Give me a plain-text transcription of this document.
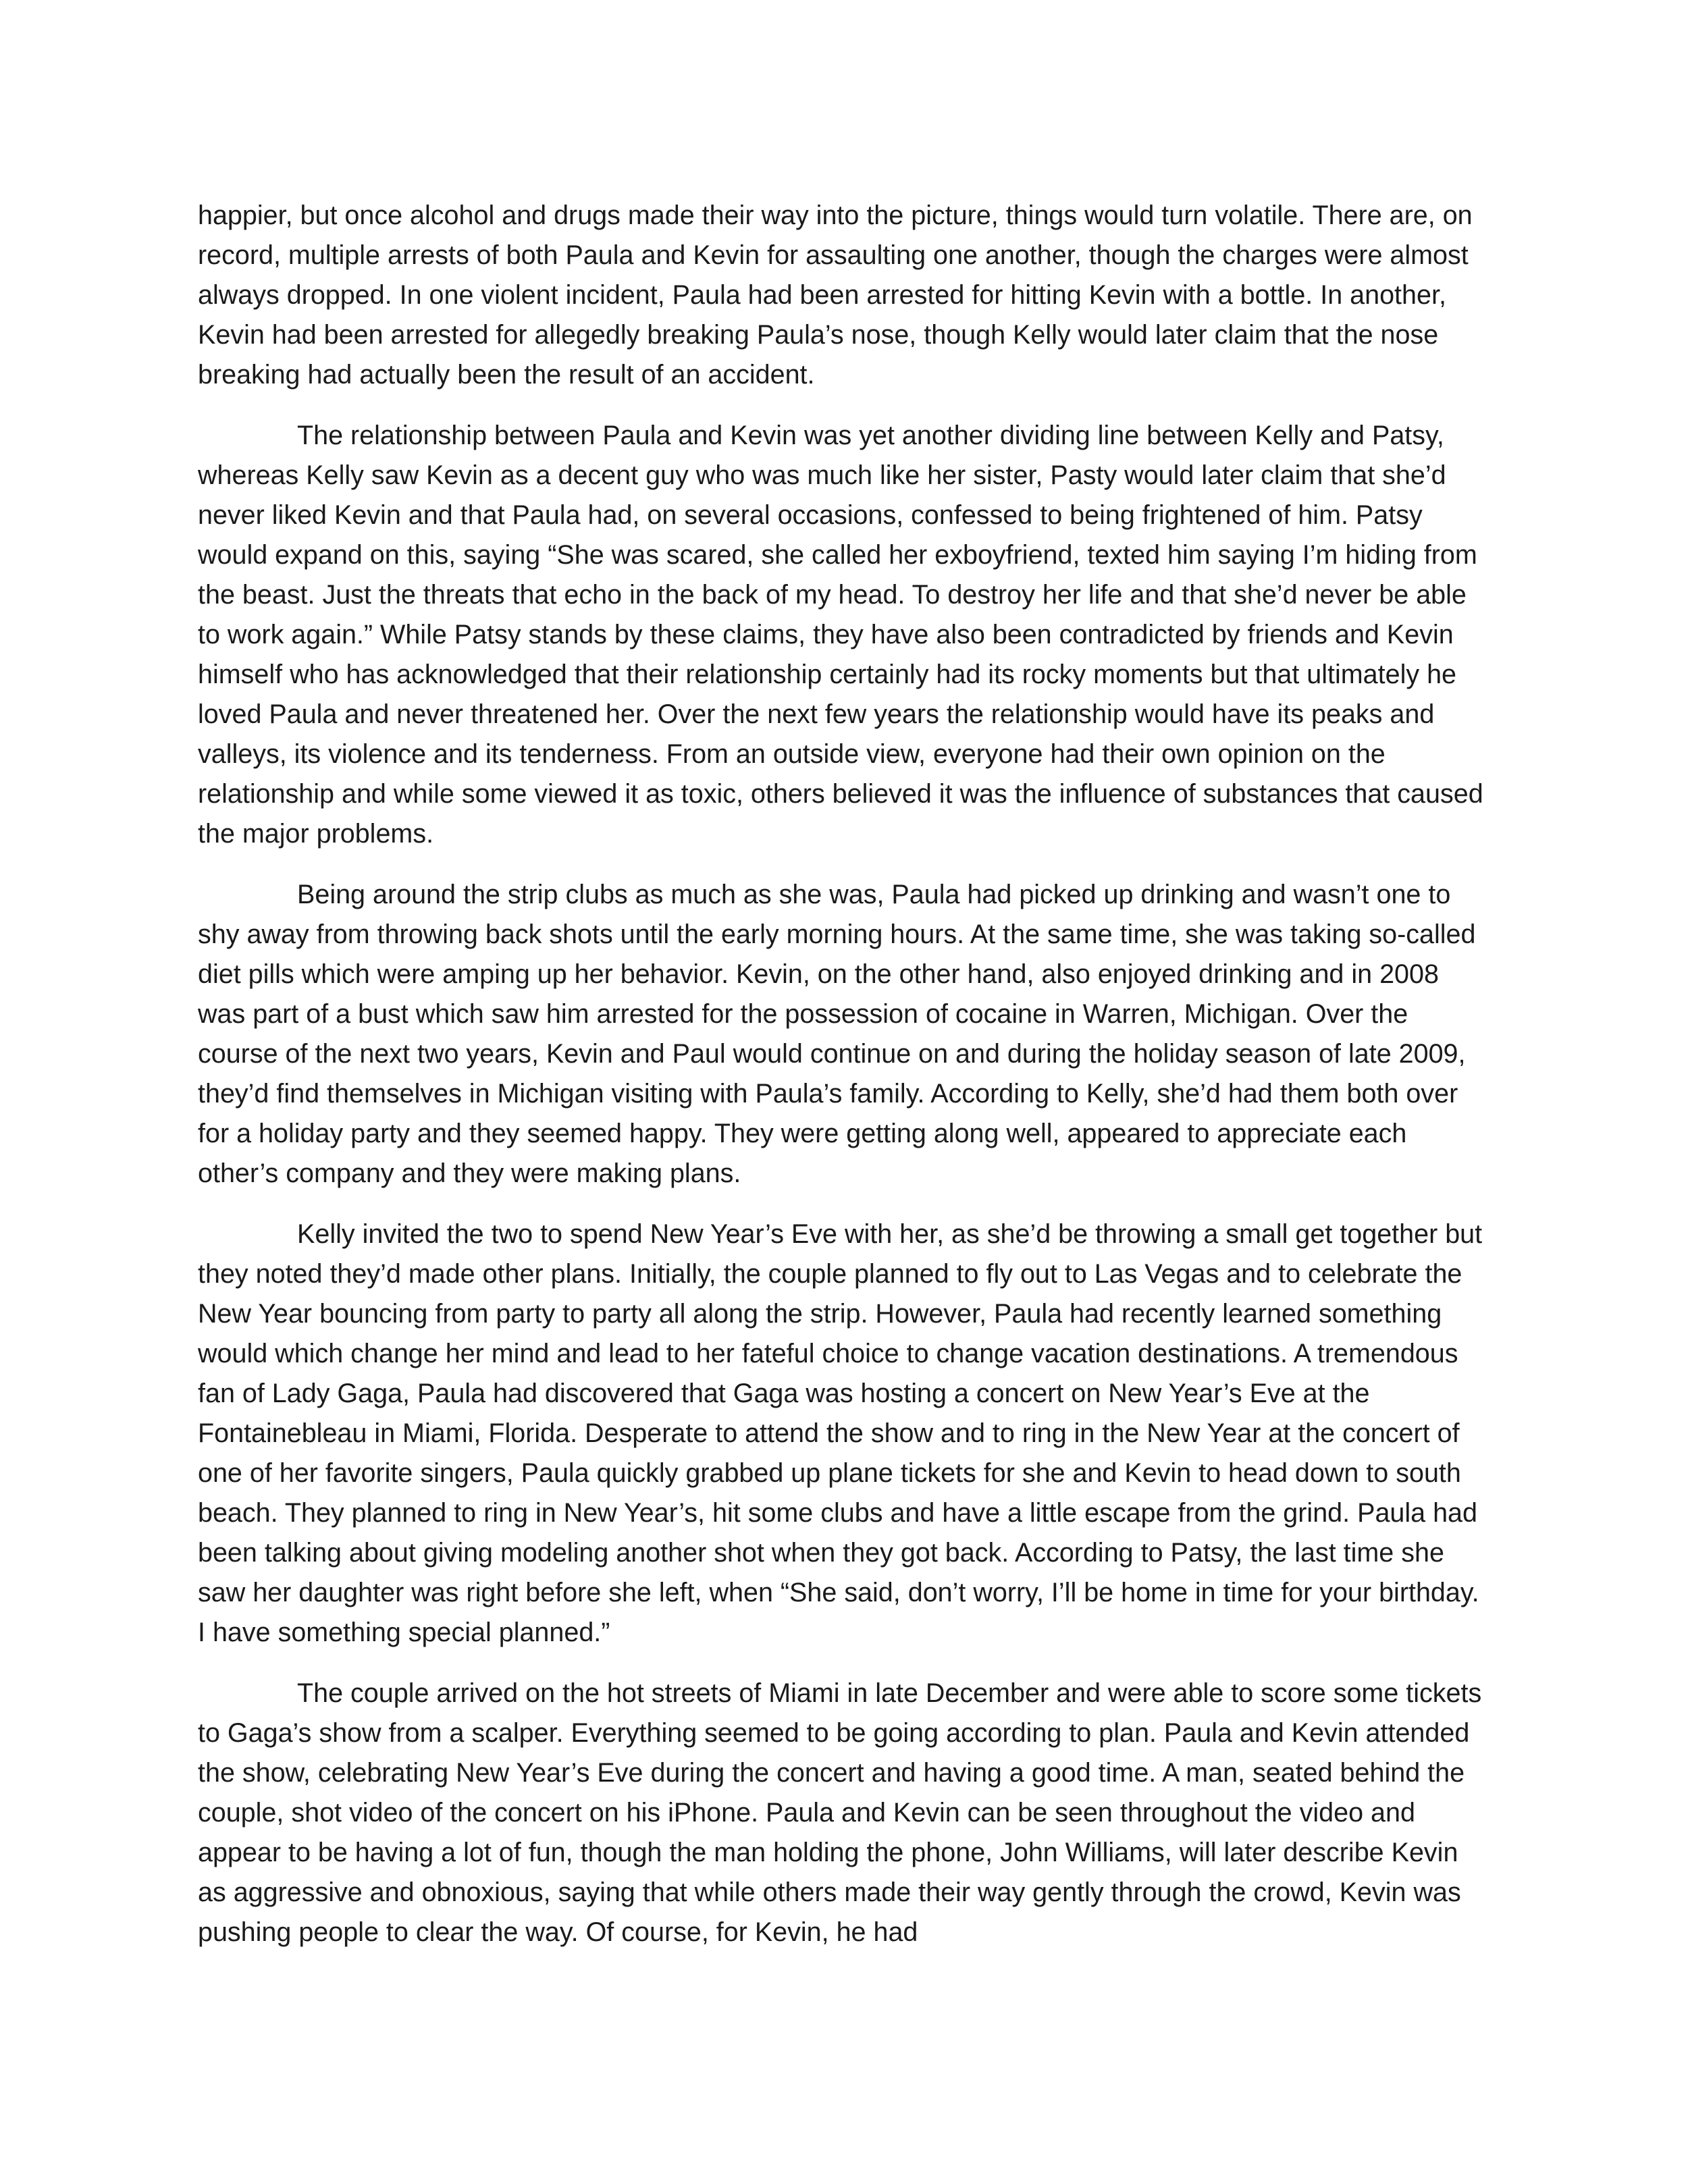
happier, but once alcohol and drugs made their way into the picture, things would turn volatile. There are, on record, multiple arrests of both Paula and Kevin for assaulting one another, though the charges were almost always dropped. In one violent incident, Paula had been arrested for hitting Kevin with a bottle. In another, Kevin had been arrested for allegedly breaking Paula’s nose, though Kelly would later claim that the nose breaking had actually been the result of an accident.

The relationship between Paula and Kevin was yet another dividing line between Kelly and Patsy, whereas Kelly saw Kevin as a decent guy who was much like her sister, Pasty would later claim that she’d never liked Kevin and that Paula had, on several occasions, confessed to being frightened of him. Patsy would expand on this, saying “She was scared, she called her exboyfriend, texted him saying I’m hiding from the beast. Just the threats that echo in the back of my head. To destroy her life and that she’d never be able to work again.” While Patsy stands by these claims, they have also been contradicted by friends and Kevin himself who has acknowledged that their relationship certainly had its rocky moments but that ultimately he loved Paula and never threatened her. Over the next few years the relationship would have its peaks and valleys, its violence and its tenderness. From an outside view, everyone had their own opinion on the relationship and while some viewed it as toxic, others believed it was the influence of substances that caused the major problems.

Being around the strip clubs as much as she was, Paula had picked up drinking and wasn’t one to shy away from throwing back shots until the early morning hours. At the same time, she was taking so-called diet pills which were amping up her behavior. Kevin, on the other hand, also enjoyed drinking and in 2008 was part of a bust which saw him arrested for the possession of cocaine in Warren, Michigan. Over the course of the next two years, Kevin and Paul would continue on and during the holiday season of late 2009, they’d find themselves in Michigan visiting with Paula’s family. According to Kelly, she’d had them both over for a holiday party and they seemed happy. They were getting along well, appeared to appreciate each other’s company and they were making plans.

Kelly invited the two to spend New Year’s Eve with her, as she’d be throwing a small get together but they noted they’d made other plans. Initially, the couple planned to fly out to Las Vegas and to celebrate the New Year bouncing from party to party all along the strip. However, Paula had recently learned something would which change her mind and lead to her fateful choice to change vacation destinations. A tremendous fan of Lady Gaga, Paula had discovered that Gaga was hosting a concert on New Year’s Eve at the Fontainebleau in Miami, Florida. Desperate to attend the show and to ring in the New Year at the concert of one of her favorite singers, Paula quickly grabbed up plane tickets for she and Kevin to head down to south beach. They planned to ring in New Year’s, hit some clubs and have a little escape from the grind. Paula had been talking about giving modeling another shot when they got back. According to Patsy, the last time she saw her daughter was right before she left, when “She said, don’t worry, I’ll be home in time for your birthday. I have something special planned.”

The couple arrived on the hot streets of Miami in late December and were able to score some tickets to Gaga’s show from a scalper. Everything seemed to be going according to plan. Paula and Kevin attended the show, celebrating New Year’s Eve during the concert and having a good time. A man, seated behind the couple, shot video of the concert on his iPhone. Paula and Kevin can be seen throughout the video and appear to be having a lot of fun, though the man holding the phone, John Williams, will later describe Kevin as aggressive and obnoxious, saying that while others made their way gently through the crowd, Kevin was pushing people to clear the way. Of course, for Kevin, he had
